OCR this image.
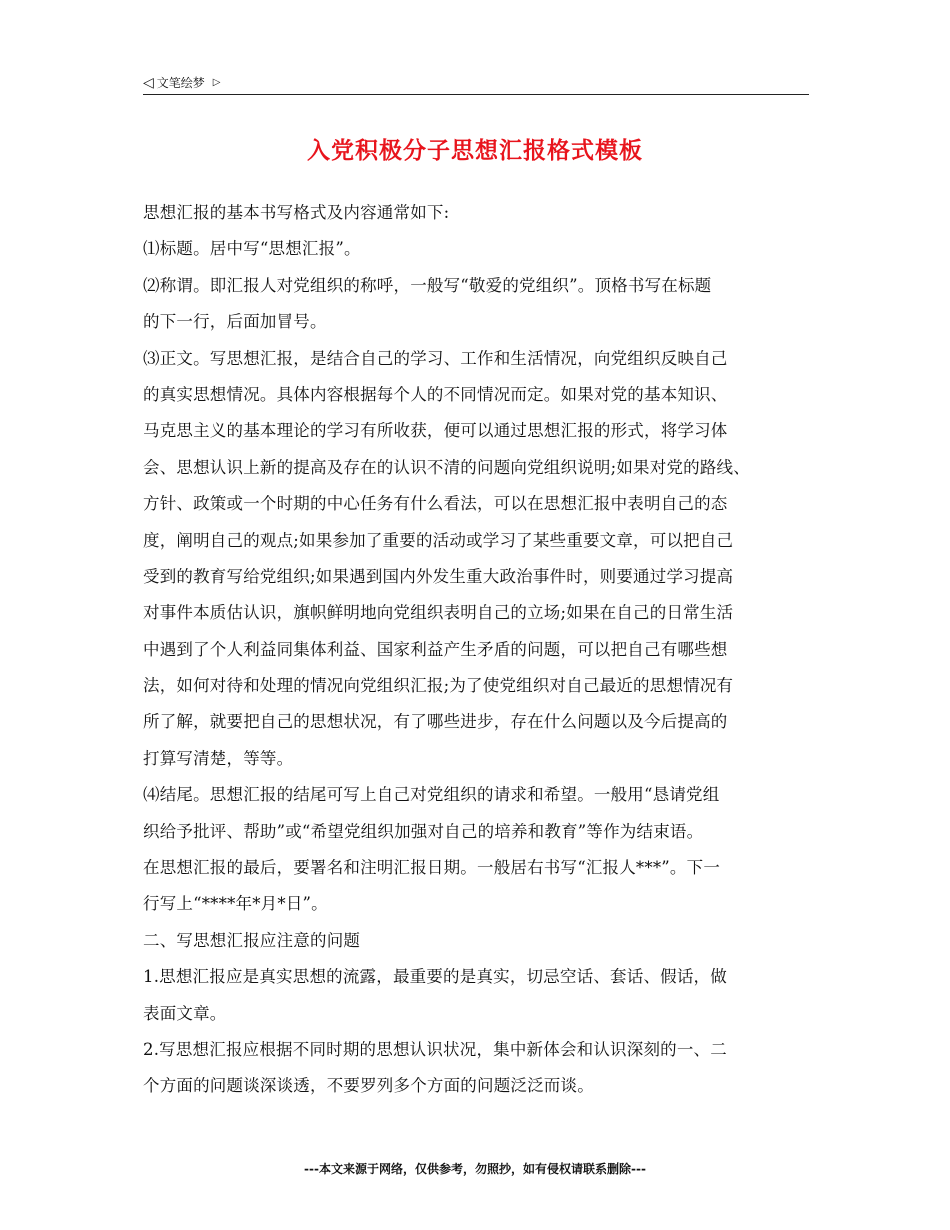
◁ 文笔绘梦 ▷
入党积极分子思想汇报格式模板
思想汇报的基本书写格式及内容通常如下:
⑴标题。居中写“思想汇报”。
⑵称谓。即汇报人对党组织的称呼，一般写“敬爱的党组织”。顶格书写在标题
的下一行，后面加冒号。
⑶正文。写思想汇报，是结合自己的学习、工作和生活情况，向党组织反映自己
的真实思想情况。具体内容根据每个人的不同情况而定。如果对党的基本知识、
马克思主义的基本理论的学习有所收获，便可以通过思想汇报的形式，将学习体
会、思想认识上新的提高及存在的认识不清的问题向党组织说明;如果对党的路线、
方针、政策或一个时期的中心任务有什么看法，可以在思想汇报中表明自己的态
度，阐明自己的观点;如果参加了重要的活动或学习了某些重要文章，可以把自己
受到的教育写给党组织;如果遇到国内外发生重大政治事件时，则要通过学习提高
对事件本质估认识，旗帜鲜明地向党组织表明自己的立场;如果在自己的日常生活
中遇到了个人利益同集体利益、国家利益产生矛盾的问题，可以把自己有哪些想
法，如何对待和处理的情况向党组织汇报;为了使党组织对自己最近的思想情况有
所了解，就要把自己的思想状况，有了哪些进步，存在什么问题以及今后提高的
打算写清楚，等等。
⑷结尾。思想汇报的结尾可写上自己对党组织的请求和希望。一般用“恳请党组
织给予批评、帮助”或“希望党组织加强对自己的培养和教育”等作为结束语。
在思想汇报的最后，要署名和注明汇报日期。一般居右书写“汇报人***”。下一
行写上“****年*月*日”。
二、写思想汇报应注意的问题
1.思想汇报应是真实思想的流露，最重要的是真实，切忌空话、套话、假话，做
表面文章。
2.写思想汇报应根据不同时期的思想认识状况，集中新体会和认识深刻的一、二
个方面的问题谈深谈透，不要罗列多个方面的问题泛泛而谈。
---本文来源于网络，仅供参考，勿照抄，如有侵权请联系删除---
